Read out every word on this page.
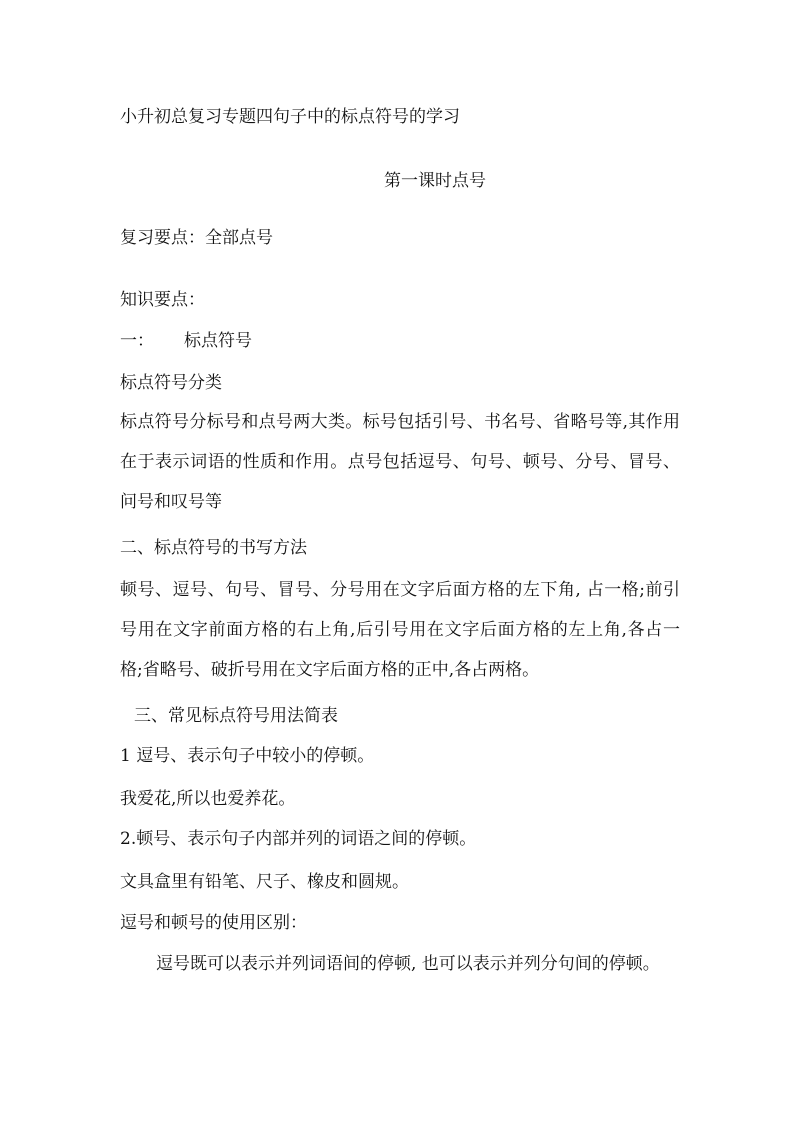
小升初总复习专题四句子中的标点符号的学习
第一课时点号
复习要点：全部点号
知识要点：
一： 标点符号
标点符号分类
标点符号分标号和点号两大类。标号包括引号、书名号、省略号等,其作用在于表示词语的性质和作用。点号包括逗号、句号、顿号、分号、冒号、问号和叹号等
二、标点符号的书写方法
顿号、逗号、句号、冒号、分号用在文字后面方格的左下角, 占一格;前引号用在文字前面方格的右上角,后引号用在文字后面方格的左上角,各占一格;省略号、破折号用在文字后面方格的正中,各占两格。
三、常见标点符号用法简表
1 逗号、表示句子中较小的停顿。
我爱花,所以也爱养花。
2.顿号、表示句子内部并列的词语之间的停顿。
文具盒里有铅笔、尺子、橡皮和圆规。
逗号和顿号的使用区别：
逗号既可以表示并列词语间的停顿, 也可以表示并列分句间的停顿。
